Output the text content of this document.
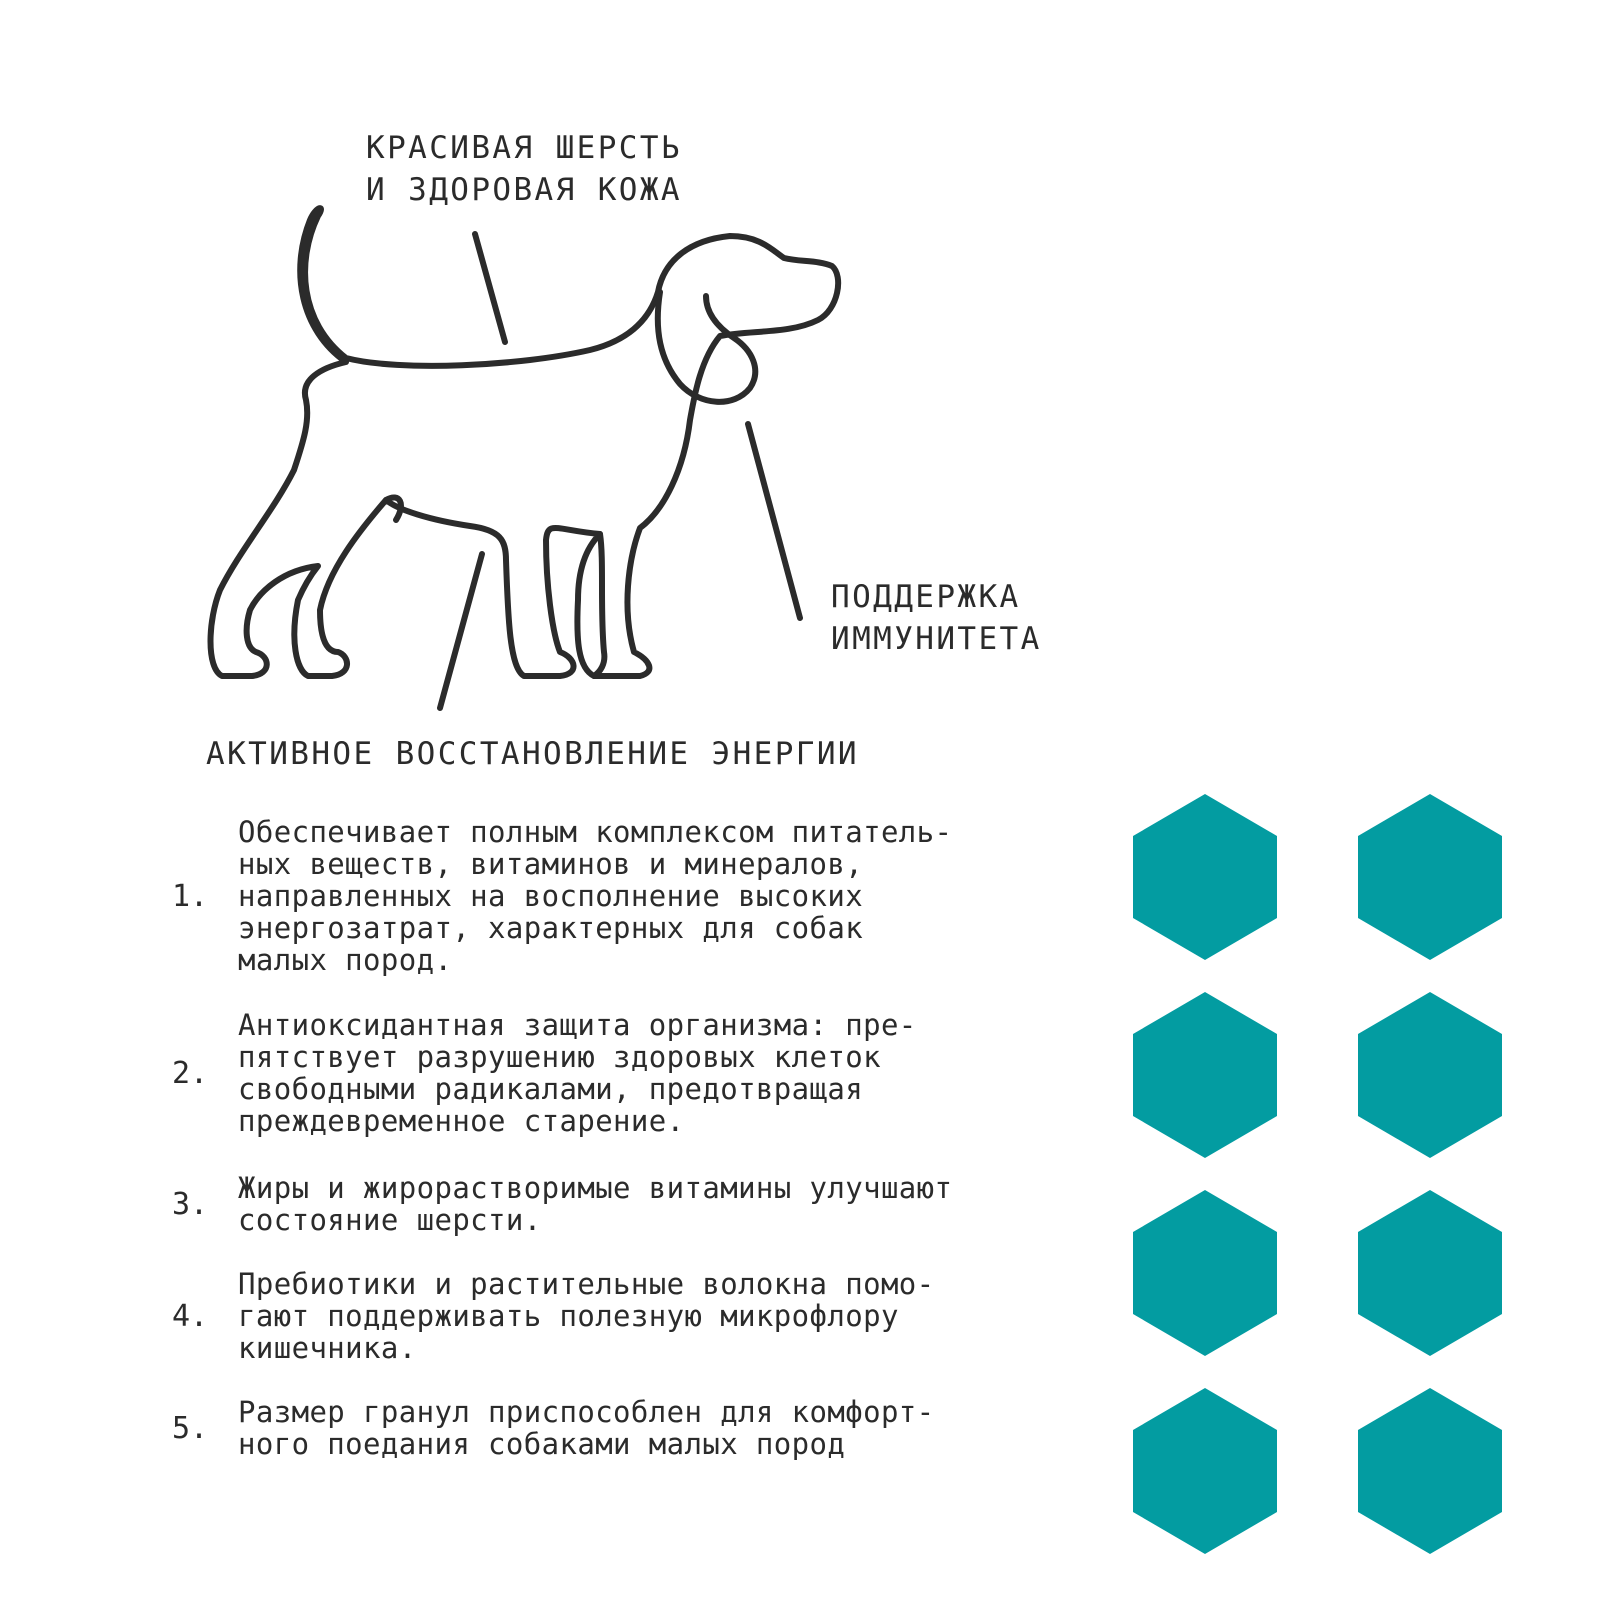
КРАСИВАЯ ШЕРСТЬ
И ЗДОРОВАЯ КОЖА
ПОДДЕРЖКА
ИММУНИТЕТА
АКТИВНОЕ ВОССТАНОВЛЕНИЕ ЭНЕРГИИ
1.
Обеспечивает полным комплексом питатель-
ных веществ, витаминов и минералов,
направленных на восполнение высоких
энергозатрат, характерных для собак
малых пород.
2.
Антиоксидантная защита организма: пре-
пятствует разрушению здоровых клеток
свободными радикалами, предотвращая
преждевременное старение.
3.	Жиры и жирорастворимые витамины улучшают
состояние шерсти.
4.
Пребиотики и растительные волокна помо-
гают поддерживать полезную микрофлору
кишечника.
5.	Размер гранул приспособлен для комфорт-
ного поедания собаками малых пород
